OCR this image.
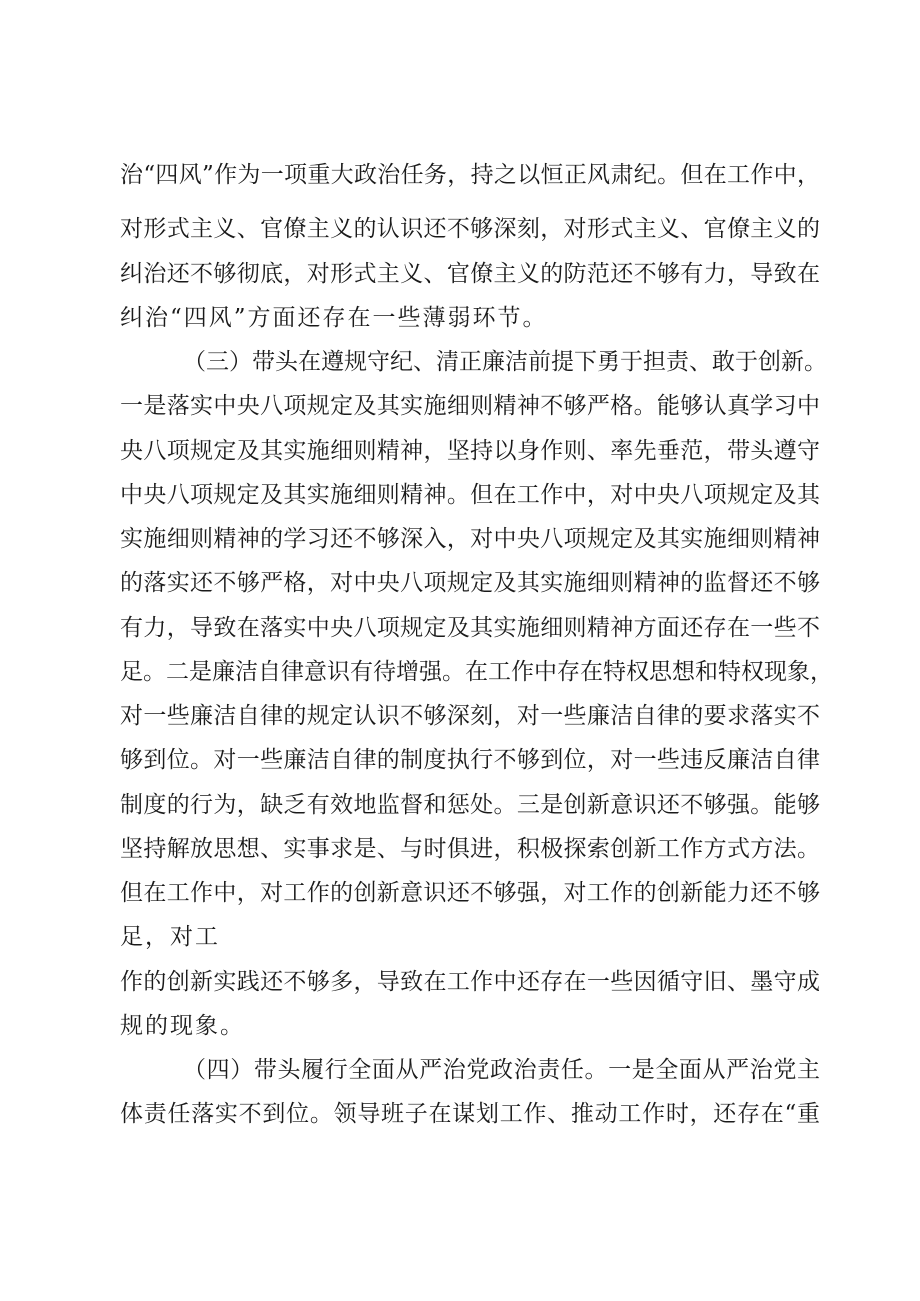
治“四风”作为一项重大政治任务，持之以恒正风肃纪。但在工作中，
对形式主义、官僚主义的认识还不够深刻，对形式主义、官僚主义的
纠治还不够彻底，对形式主义、官僚主义的防范还不够有力，导致在
纠治“四风”方面还存在一些薄弱环节。
（三）带头在遵规守纪、清正廉洁前提下勇于担责、敢于创新。
一是落实中央八项规定及其实施细则精神不够严格。能够认真学习中
央八项规定及其实施细则精神，坚持以身作则、率先垂范，带头遵守
中央八项规定及其实施细则精神。但在工作中，对中央八项规定及其
实施细则精神的学习还不够深入，对中央八项规定及其实施细则精神
的落实还不够严格，对中央八项规定及其实施细则精神的监督还不够
有力，导致在落实中央八项规定及其实施细则精神方面还存在一些不
足。二是廉洁自律意识有待增强。在工作中存在特权思想和特权现象，
对一些廉洁自律的规定认识不够深刻，对一些廉洁自律的要求落实不
够到位。对一些廉洁自律的制度执行不够到位，对一些违反廉洁自律
制度的行为，缺乏有效地监督和惩处。三是创新意识还不够强。能够
坚持解放思想、实事求是、与时俱进，积极探索创新工作方式方法。
但在工作中，对工作的创新意识还不够强，对工作的创新能力还不够
足，对工
作的创新实践还不够多，导致在工作中还存在一些因循守旧、墨守成
规的现象。
（四）带头履行全面从严治党政治责任。一是全面从严治党主
体责任落实不到位。领导班子在谋划工作、推动工作时，还存在“重
